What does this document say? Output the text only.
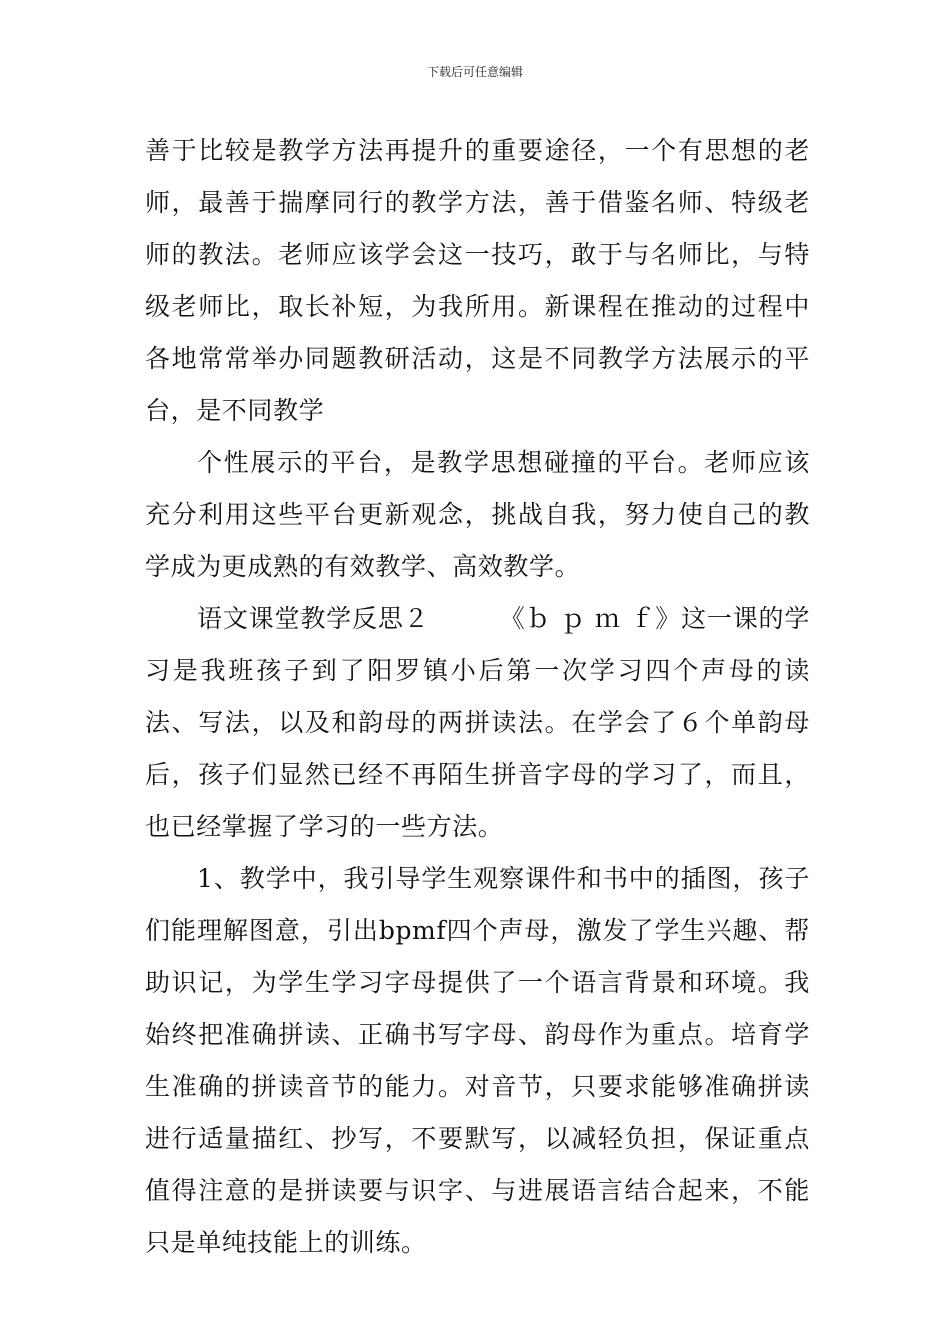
下载后可任意编辑

善于比较是教学方法再提升的重要途径，一个有思想的老师，最善于揣摩同行的教学方法，善于借鉴名师、特级老师的教法。老师应该学会这一技巧，敢于与名师比，与特级老师比，取长补短，为我所用。新课程在推动的过程中各地常常举办同题教研活动，这是不同教学方法展示的平台，是不同教学

个性展示的平台，是教学思想碰撞的平台。老师应该充分利用这些平台更新观念，挑战自我，努力使自己的教学成为更成熟的有效教学、高效教学。

语文课堂教学反思２	《ｂ ｐ ｍ ｆ》这一课的学习是我班孩子到了阳罗镇小后第一次学习四个声母的读法、写法，以及和韵母的两拼读法。在学会了６个单韵母后，孩子们显然已经不再陌生拼音字母的学习了，而且，也已经掌握了学习的一些方法。

1、教学中，我引导学生观察课件和书中的插图，孩子们能理解图意，引出bpmf四个声母，激发了学生兴趣、帮助识记，为学生学习字母提供了一个语言背景和环境。我始终把准确拼读、正确书写字母、韵母作为重点。培育学生准确的拼读音节的能力。对音节，只要求能够准确拼读进行适量描红、抄写，不要默写，以减轻负担，保证重点值得注意的是拼读要与识字、与进展语言结合起来，不能只是单纯技能上的训练。
